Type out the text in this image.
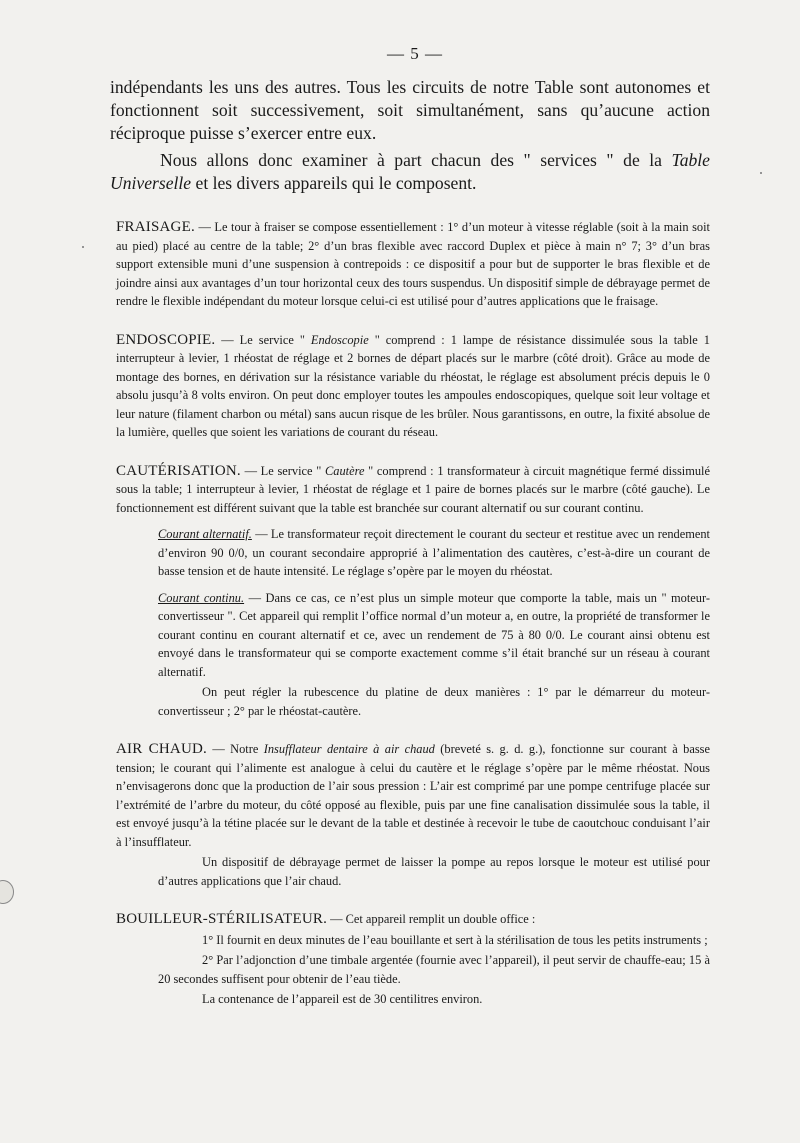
— 5 —

indépendants les uns des autres. Tous les circuits de notre Table sont autonomes et fonctionnent soit successivement, soit simultanément, sans qu’aucune action réciproque puisse s’exercer entre eux.

Nous allons donc examiner à part chacun des " services " de la Table Universelle et les divers appareils qui le composent.

FRAISAGE. — Le tour à fraiser se compose essentiellement : 1° d’un moteur à vitesse réglable (soit à la main soit au pied) placé au centre de la table; 2° d’un bras flexible avec raccord Duplex et pièce à main n° 7; 3° d’un bras support extensible muni d’une suspension à contrepoids : ce dispositif a pour but de supporter le bras flexible et de joindre ainsi aux avantages d’un tour horizontal ceux des tours suspendus. Un dispositif simple de débrayage permet de rendre le flexible indépendant du moteur lorsque celui-ci est utilisé pour d’autres applications que le fraisage.
ENDOSCOPIE. — Le service " Endoscopie " comprend : 1 lampe de résistance dissimulée sous la table 1 interrupteur à levier, 1 rhéostat de réglage et 2 bornes de départ placés sur le marbre (côté droit). Grâce au mode de montage des bornes, en dérivation sur la résistance variable du rhéostat, le réglage est absolument précis depuis le 0 absolu jusqu’à 8 volts environ. On peut donc employer toutes les ampoules endoscopiques, quelque soit leur voltage et leur nature (filament charbon ou métal) sans aucun risque de les brûler. Nous garantissons, en outre, la fixité absolue de la lumière, quelles que soient les variations de courant du réseau.
CAUTÉRISATION. — Le service " Cautère " comprend : 1 transformateur à circuit magnétique fermé dissimulé sous la table; 1 interrupteur à levier, 1 rhéostat de réglage et 1 paire de bornes placés sur le marbre (côté gauche). Le fonctionnement est différent suivant que la table est branchée sur courant alternatif ou sur courant continu.
Courant alternatif. — Le transformateur reçoit directement le courant du secteur et restitue avec un rendement d’environ 90 0/0, un courant secondaire approprié à l’alimentation des cautères, c’est-à-dire un courant de basse tension et de haute intensité. Le réglage s’opère par le moyen du rhéostat.
Courant continu. — Dans ce cas, ce n’est plus un simple moteur que comporte la table, mais un " moteur-convertisseur ". Cet appareil qui remplit l’office normal d’un moteur a, en outre, la propriété de transformer le courant continu en courant alternatif et ce, avec un rendement de 75 à 80 0/0. Le courant ainsi obtenu est envoyé dans le transformateur qui se comporte exactement comme s’il était branché sur un réseau à courant alternatif.
On peut régler la rubescence du platine de deux manières : 1° par le démarreur du moteur-convertisseur ; 2° par le rhéostat-cautère.
AIR CHAUD. — Notre Insufflateur dentaire à air chaud (breveté s. g. d. g.), fonctionne sur courant à basse tension; le courant qui l’alimente est analogue à celui du cautère et le réglage s’opère par le même rhéostat. Nous n’envisagerons donc que la production de l’air sous pression : L’air est comprimé par une pompe centrifuge placée sur l’extrémité de l’arbre du moteur, du côté opposé au flexible, puis par une fine canalisation dissimulée sous la table, il est envoyé jusqu’à la tétine placée sur le devant de la table et destinée à recevoir le tube de caoutchouc conduisant l’air à l’insufflateur.
Un dispositif de débrayage permet de laisser la pompe au repos lorsque le moteur est utilisé pour d’autres applications que l’air chaud.
BOUILLEUR-STÉRILISATEUR. — Cet appareil remplit un double office :
1° Il fournit en deux minutes de l’eau bouillante et sert à la stérilisation de tous les petits instruments ;
2° Par l’adjonction d’une timbale argentée (fournie avec l’appareil), il peut servir de chauffe-eau; 15 à 20 secondes suffisent pour obtenir de l’eau tiède.
La contenance de l’appareil est de 30 centilitres environ.
